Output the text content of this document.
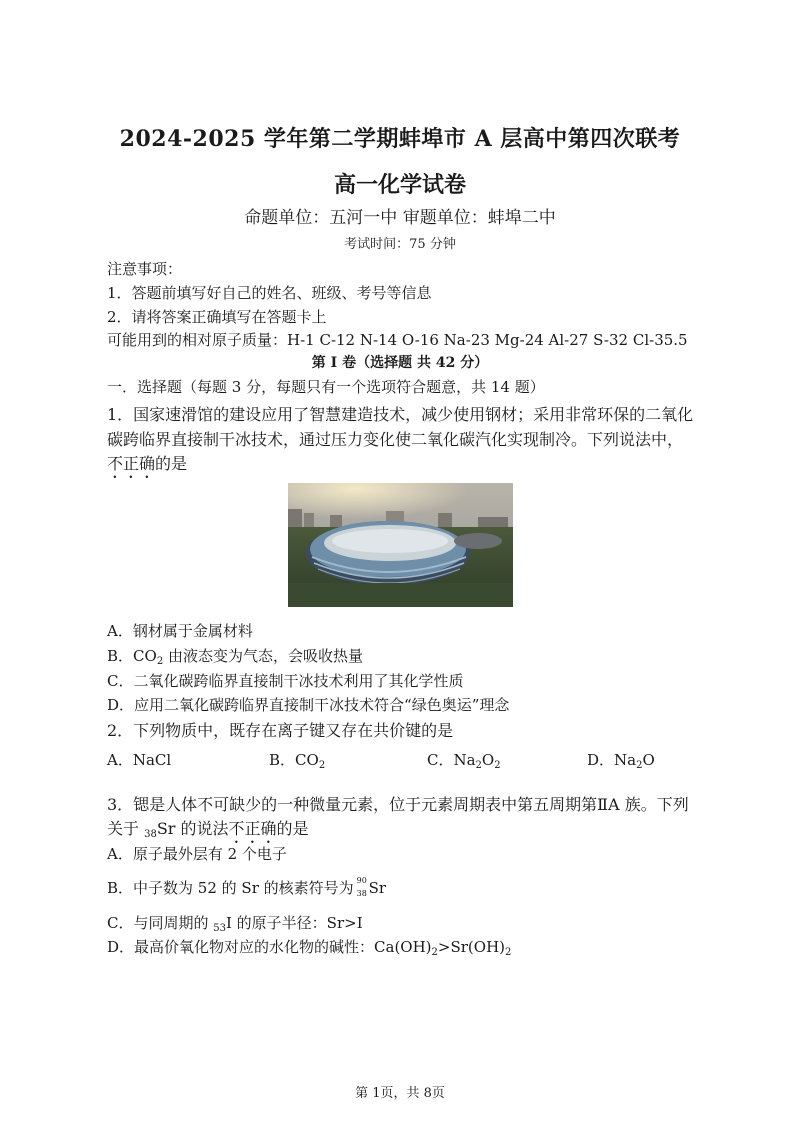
2024-2025 学年第二学期蚌埠市 A 层高中第四次联考
高一化学试卷
命题单位：五河一中 审题单位：蚌埠二中
考试时间：75 分钟
注意事项：
1．答题前填写好自己的姓名、班级、考号等信息
2．请将答案正确填写在答题卡上
可能用到的相对原子质量：H-1 C-12 N-14 O-16 Na-23 Mg-24 Al-27 S-32 Cl-35.5
第 I 卷（选择题 共 42 分）
一．选择题（每题 3 分，每题只有一个选项符合题意，共 14 题）
1．国家速滑馆的建设应用了智慧建造技术，减少使用钢材；采用非常环保的二氧化
碳跨临界直接制干冰技术，通过压力变化使二氧化碳汽化实现制冷。下列说法中，
不正确的是
A．钢材属于金属材料
B．$CO_2$ 由液态变为气态，会吸收热量
C．二氧化碳跨临界直接制干冰技术利用了其化学性质
D．应用二氧化碳跨临界直接制干冰技术符合“绿色奥运”理念
2．下列物质中，既存在离子键又存在共价键的是
A．NaCl	B．$CO_2$	C．$Na_2O_2$	D．$Na_2O$
3．锶是人体不可缺少的一种微量元素，位于元素周期表中第五周期第ⅡA 族。下列
关于 $_{38}$Sr 的说法不正确的是
A．原子最外层有 2 个电子
B．中子数为 52 的 Sr 的核素符号为 90
38 Sr
C．与同周期的 $_{53}$I 的原子半径：Sr>I
D．最高价氧化物对应的水化物的碱性：$Ca(OH)_2>Sr(OH)_2$
第 1页，共 8页
